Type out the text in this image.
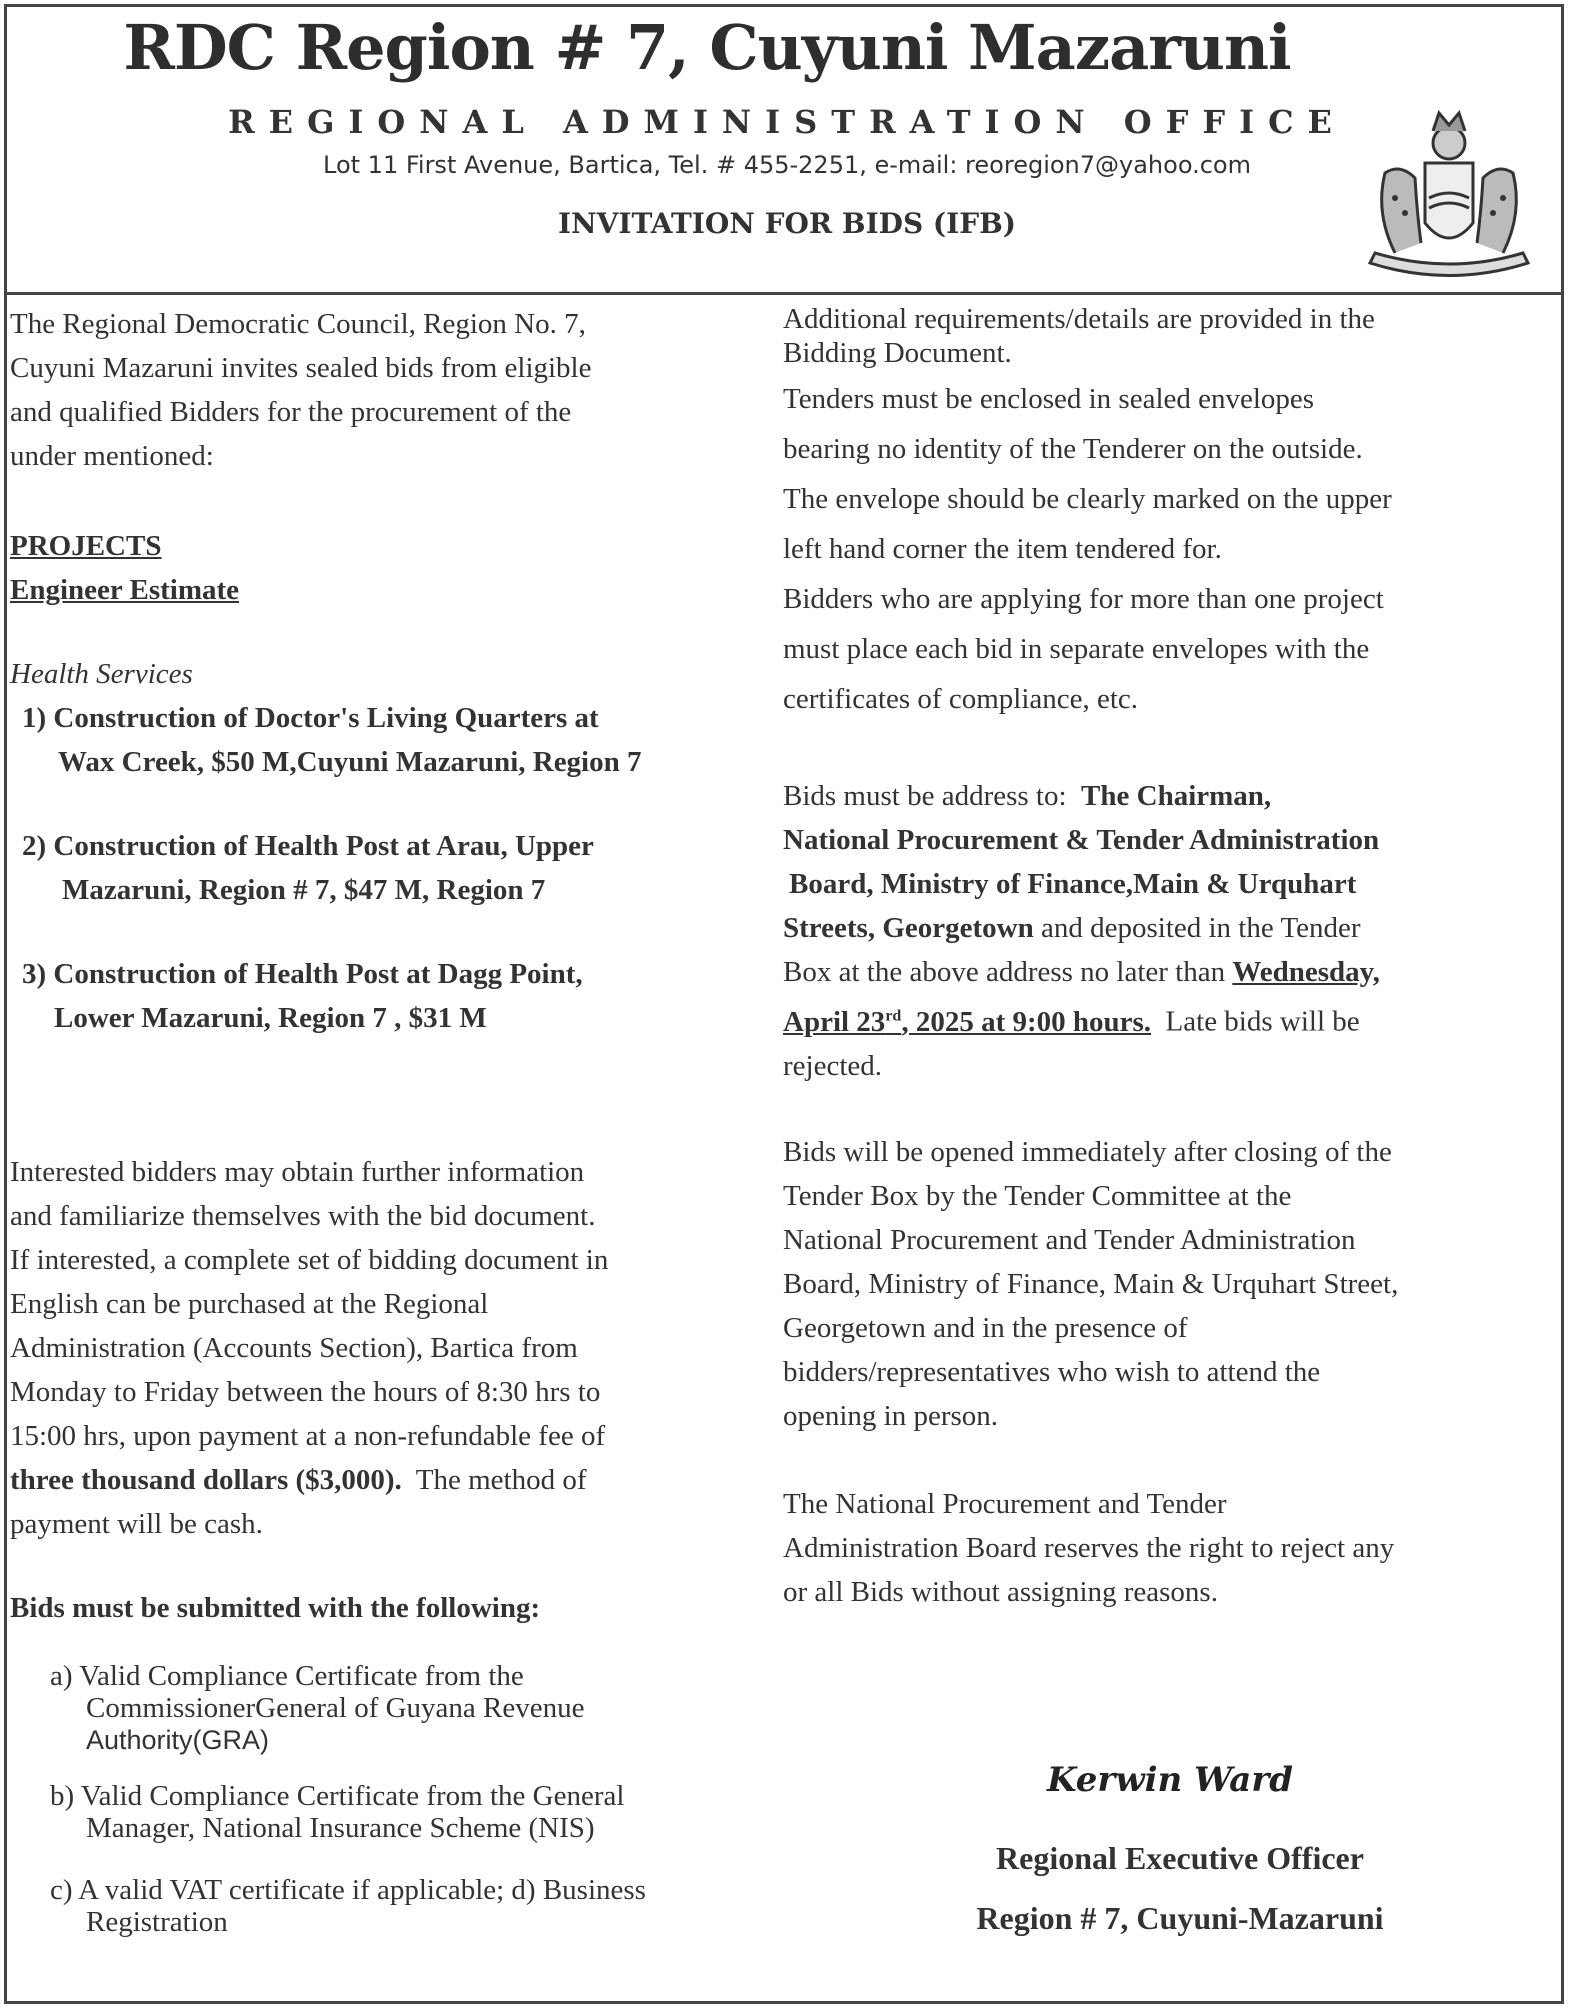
RDC Region # 7, Cuyuni Mazaruni
REGIONAL ADMINISTRATION OFFICE
Lot 11 First Avenue, Bartica, Tel. # 455-2251, e-mail: reoregion7@yahoo.com
INVITATION FOR BIDS (IFB)

The Regional Democratic Council, Region No. 7,
Cuyuni Mazaruni invites sealed bids from eligible
and qualified Bidders for the procurement of the
under mentioned:

PROJECTS

Engineer Estimate

Health Services

1) Construction of Doctor's Living Quarters at
Wax Creek, $50 M,Cuyuni Mazaruni, Region 7

2) Construction of Health Post at Arau, Upper
Mazaruni, Region # 7, $47 M, Region 7

3) Construction of Health Post at Dagg Point,
Lower Mazaruni, Region 7 , $31 M

Interested bidders may obtain further information
and familiarize themselves with the bid document.
If interested, a complete set of bidding document in
English can be purchased at the Regional
Administration (Accounts Section), Bartica from
Monday to Friday between the hours of 8:30 hrs to
15:00 hrs, upon payment at a non-refundable fee of
three thousand dollars ($3,000).  The method of
payment will be cash.

Bids must be submitted with the following:

a) Valid Compliance Certificate from the
CommissionerGeneral of Guyana Revenue
Authority(GRA)

b) Valid Compliance Certificate from the General
Manager, National Insurance Scheme (NIS)

c) A valid VAT certificate if applicable; d) Business
Registration

Additional requirements/details are provided in the
Bidding Document.

Tenders must be enclosed in sealed envelopes
bearing no identity of the Tenderer on the outside.
The envelope should be clearly marked on the upper
left hand corner the item tendered for.

Bidders who are applying for more than one project
must place each bid in separate envelopes with the
certificates of compliance, etc.

Bids must be address to:  The Chairman,
National Procurement & Tender Administration
Board, Ministry of Finance,Main & Urquhart
Streets, Georgetown and deposited in the Tender
Box at the above address no later than Wednesday,
April 23rd, 2025 at 9:00 hours.  Late bids will be
rejected.

Bids will be opened immediately after closing of the
Tender Box by the Tender Committee at the
National Procurement and Tender Administration
Board, Ministry of Finance, Main & Urquhart Street,
Georgetown and in the presence of
bidders/representatives who wish to attend the
opening in person.

The National Procurement and Tender
Administration Board reserves the right to reject any
or all Bids without assigning reasons.

Kerwin Ward
Regional Executive Officer
Region # 7, Cuyuni-Mazaruni
